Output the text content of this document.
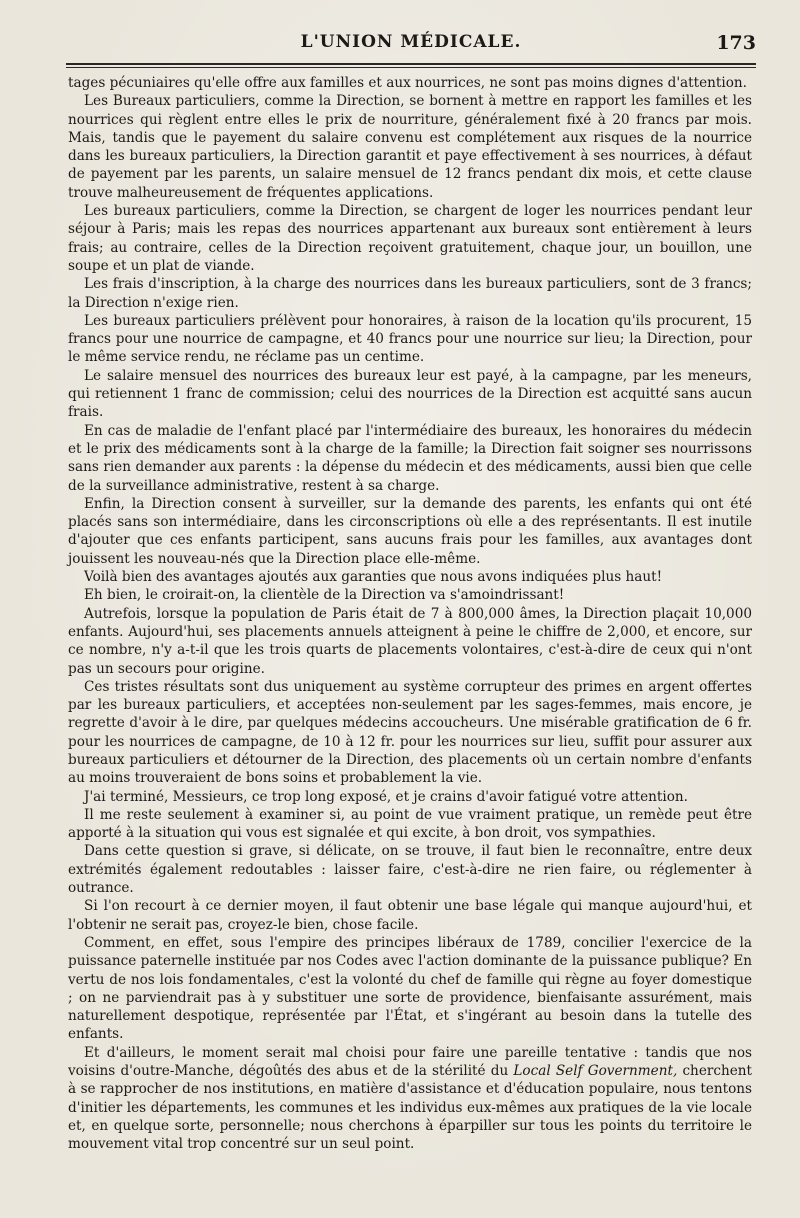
L'UNION MÉDICALE.	173

tages pécuniaires qu'elle offre aux familles et aux nourrices, ne sont pas moins dignes d'attention.

Les Bureaux particuliers, comme la Direction, se bornent à mettre en rapport les familles et les nourrices qui règlent entre elles le prix de nourriture, généralement fixé à 20 francs par mois. Mais, tandis que le payement du salaire convenu est complétement aux risques de la nourrice dans les bureaux particuliers, la Direction garantit et paye effectivement à ses nourrices, à défaut de payement par les parents, un salaire mensuel de 12 francs pendant dix mois, et cette clause trouve malheureusement de fréquentes applications.

Les bureaux particuliers, comme la Direction, se chargent de loger les nourrices pendant leur séjour à Paris; mais les repas des nourrices appartenant aux bureaux sont entièrement à leurs frais; au contraire, celles de la Direction reçoivent gratuitement, chaque jour, un bouillon, une soupe et un plat de viande.

Les frais d'inscription, à la charge des nourrices dans les bureaux particuliers, sont de 3 francs; la Direction n'exige rien.

Les bureaux particuliers prélèvent pour honoraires, à raison de la location qu'ils procurent, 15 francs pour une nourrice de campagne, et 40 francs pour une nourrice sur lieu; la Direction, pour le même service rendu, ne réclame pas un centime.

Le salaire mensuel des nourrices des bureaux leur est payé, à la campagne, par les meneurs, qui retiennent 1 franc de commission; celui des nourrices de la Direction est acquitté sans aucun frais.

En cas de maladie de l'enfant placé par l'intermédiaire des bureaux, les honoraires du médecin et le prix des médicaments sont à la charge de la famille; la Direction fait soigner ses nourrissons sans rien demander aux parents : la dépense du médecin et des médicaments, aussi bien que celle de la surveillance administrative, restent à sa charge.

Enfin, la Direction consent à surveiller, sur la demande des parents, les enfants qui ont été placés sans son intermédiaire, dans les circonscriptions où elle a des représentants. Il est inutile d'ajouter que ces enfants participent, sans aucuns frais pour les familles, aux avantages dont jouissent les nouveau-nés que la Direction place elle-même.

Voilà bien des avantages ajoutés aux garanties que nous avons indiquées plus haut!

Eh bien, le croirait-on, la clientèle de la Direction va s'amoindrissant!

Autrefois, lorsque la population de Paris était de 7 à 800,000 âmes, la Direction plaçait 10,000 enfants. Aujourd'hui, ses placements annuels atteignent à peine le chiffre de 2,000, et encore, sur ce nombre, n'y a-t-il que les trois quarts de placements volontaires, c'est-à-dire de ceux qui n'ont pas un secours pour origine.

Ces tristes résultats sont dus uniquement au système corrupteur des primes en argent offertes par les bureaux particuliers, et acceptées non-seulement par les sages-femmes, mais encore, je regrette d'avoir à le dire, par quelques médecins accoucheurs. Une misérable gratification de 6 fr. pour les nourrices de campagne, de 10 à 12 fr. pour les nourrices sur lieu, suffit pour assurer aux bureaux particuliers et détourner de la Direction, des placements où un certain nombre d'enfants au moins trouveraient de bons soins et probablement la vie.

J'ai terminé, Messieurs, ce trop long exposé, et je crains d'avoir fatigué votre attention.

Il me reste seulement à examiner si, au point de vue vraiment pratique, un remède peut être apporté à la situation qui vous est signalée et qui excite, à bon droit, vos sympathies.

Dans cette question si grave, si délicate, on se trouve, il faut bien le reconnaître, entre deux extrémités également redoutables : laisser faire, c'est-à-dire ne rien faire, ou réglementer à outrance.

Si l'on recourt à ce dernier moyen, il faut obtenir une base légale qui manque aujourd'hui, et l'obtenir ne serait pas, croyez-le bien, chose facile.

Comment, en effet, sous l'empire des principes libéraux de 1789, concilier l'exercice de la puissance paternelle instituée par nos Codes avec l'action dominante de la puissance publique? En vertu de nos lois fondamentales, c'est la volonté du chef de famille qui règne au foyer domestique ; on ne parviendrait pas à y substituer une sorte de providence, bienfaisante assurément, mais naturellement despotique, représentée par l'État, et s'ingérant au besoin dans la tutelle des enfants.

Et d'ailleurs, le moment serait mal choisi pour faire une pareille tentative : tandis que nos voisins d'outre-Manche, dégoûtés des abus et de la stérilité du Local Self Government, cherchent à se rapprocher de nos institutions, en matière d'assistance et d'éducation populaire, nous tentons d'initier les départements, les communes et les individus eux-mêmes aux pratiques de la vie locale et, en quelque sorte, personnelle; nous cherchons à éparpiller sur tous les points du territoire le mouvement vital trop concentré sur un seul point.
